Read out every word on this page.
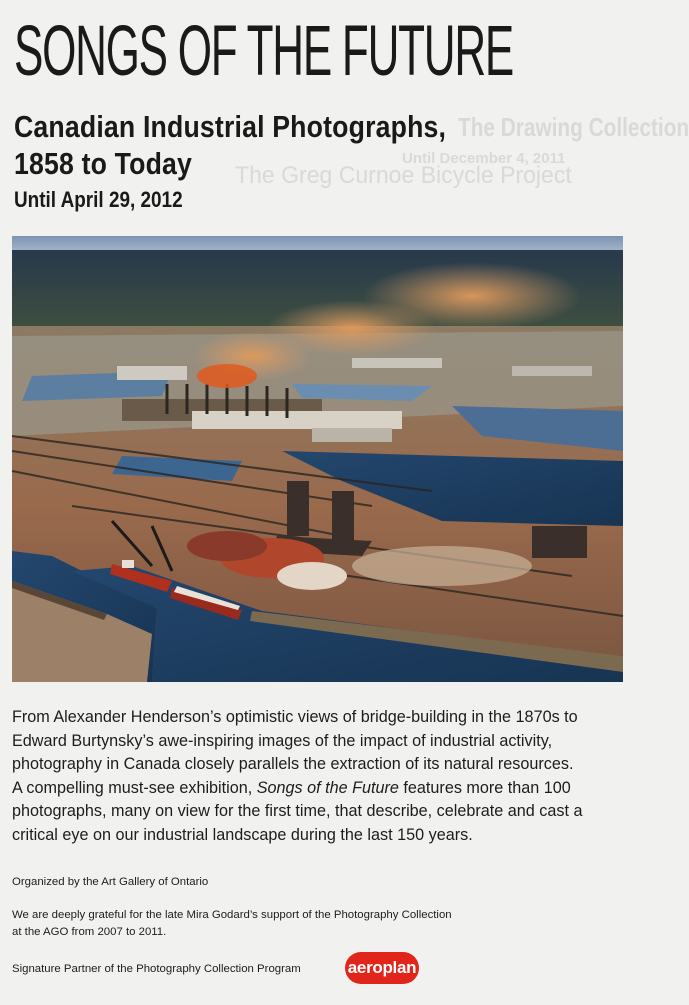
The Drawing Collection
Until December 4, 2011
The Greg Curnoe Bicycle Project
SONGS OF THE FUTURE
Canadian Industrial Photographs,
1858 to Today
Until April 29, 2012
From Alexander Henderson’s optimistic views of bridge-building in the 1870s to
Edward Burtynsky’s awe-inspiring images of the impact of industrial activity,
photography in Canada closely parallels the extraction of its natural resources.
A compelling must-see exhibition, Songs of the Future features more than 100
photographs, many on view for the first time, that describe, celebrate and cast a
critical eye on our industrial landscape during the last 150 years.
Organized by the Art Gallery of Ontario
We are deeply grateful for the late Mira Godard’s support of the Photography Collection
at the AGO from 2007 to 2011.
Signature Partner of the Photography Collection Program	aeroplan
